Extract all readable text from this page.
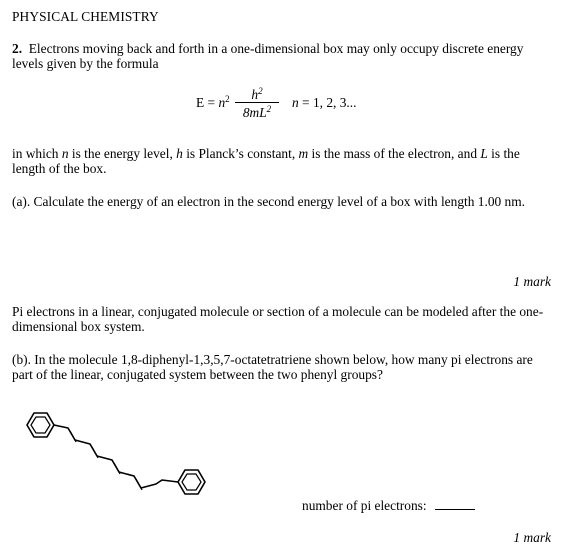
PHYSICAL CHEMISTRY
2. Electrons moving back and forth in a one-dimensional box may only occupy discrete energy levels given by the formula
$E = n^2$	$h^2$
$8mL^2$	n = 1, 2, 3...
in which n is the energy level, h is Planck’s constant, m is the mass of the electron, and L is the length of the box.
(a). Calculate the energy of an electron in the second energy level of a box with length 1.00 nm.
1 mark
Pi electrons in a linear, conjugated molecule or section of a molecule can be modeled after the one-dimensional box system.
(b). In the molecule 1,8-diphenyl-1,3,5,7-octatetratriene shown below, how many pi electrons are part of the linear, conjugated system between the two phenyl groups?
number of pi electrons:
1 mark
